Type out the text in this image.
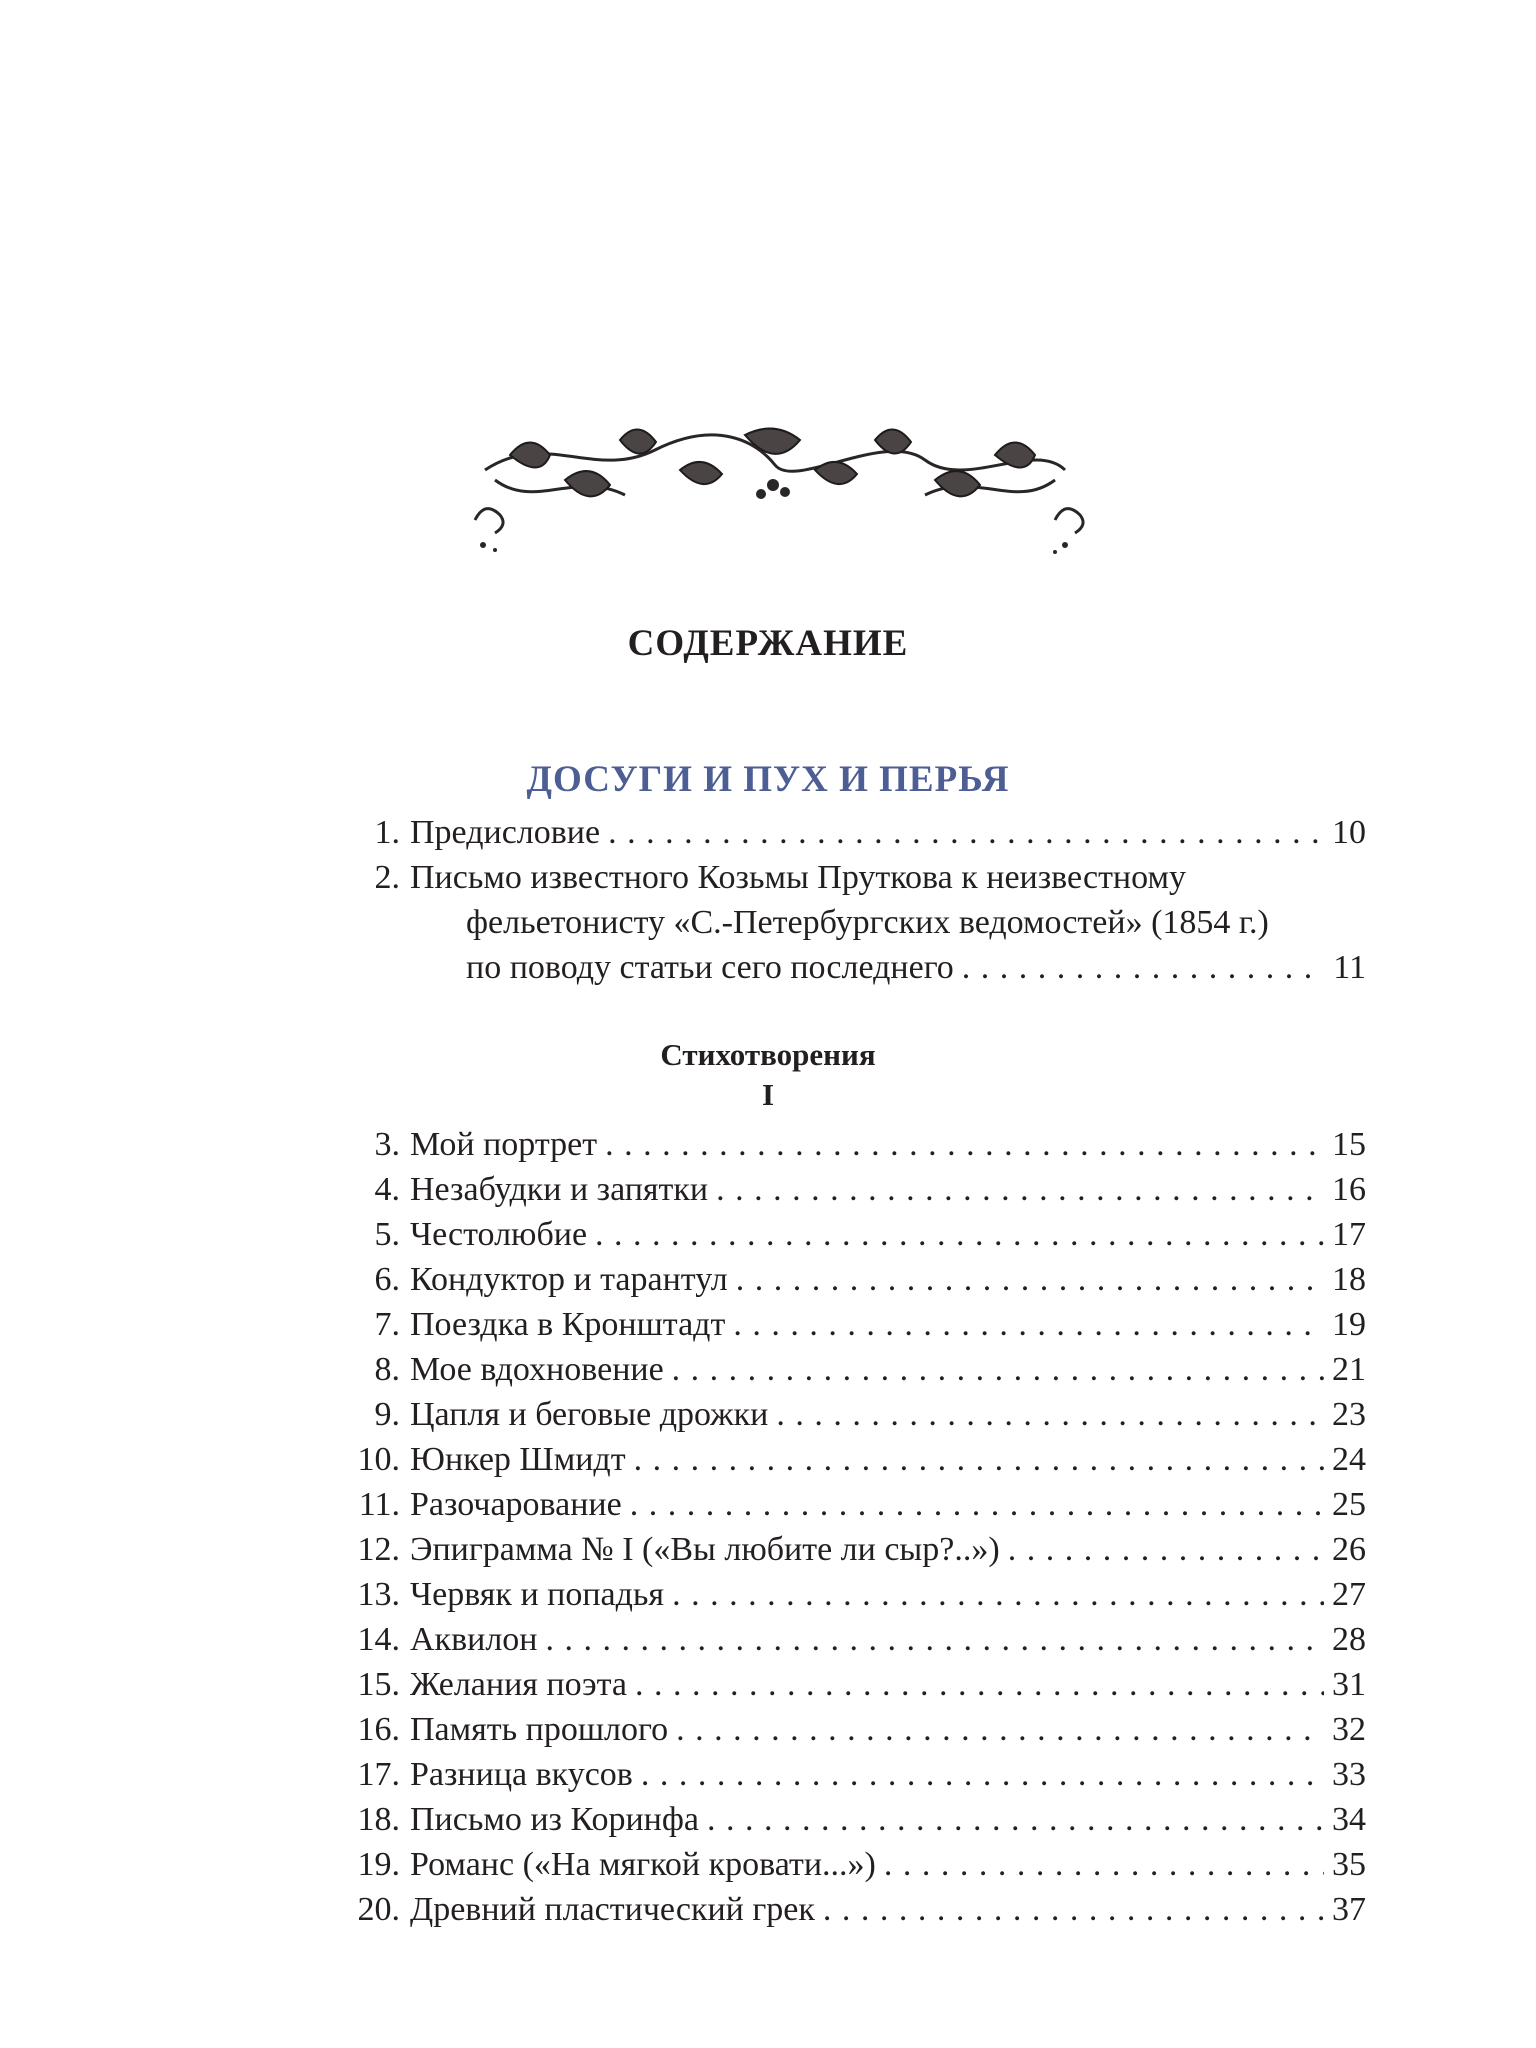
СОДЕРЖАНИЕ
ДОСУГИ И ПУХ И ПЕРЬЯ
1. Предисловие . . .	10
2. Письмо известного Козьмы Пруткова к неизвестному
фельетонисту «С.-Петербургских ведомостей» (1854 г.)
по поводу статьи сего последнего . . .	11
Стихотворения
I
3. Мой портрет . . .	15
4. Незабудки и запятки . . .	16
5. Честолюбие . . .	17
6. Кондуктор и тарантул . . .	18
7. Поездка в Кронштадт . . .	19
8. Мое вдохновение . . .	21
9. Цапля и беговые дрожки . . .	23
10. Юнкер Шмидт . . .	24
11. Разочарование . . .	25
12. Эпиграмма № I («Вы любите ли сыр?..») . . .	26
13. Червяк и попадья . . .	27
14. Аквилон . . .	28
15. Желания поэта . . .	31
16. Память прошлого . . .	32
17. Разница вкусов . . .	33
18. Письмо из Коринфа . . .	34
19. Романс («На мягкой кровати...») . . .	35
20. Древний пластический грек . . .	37
